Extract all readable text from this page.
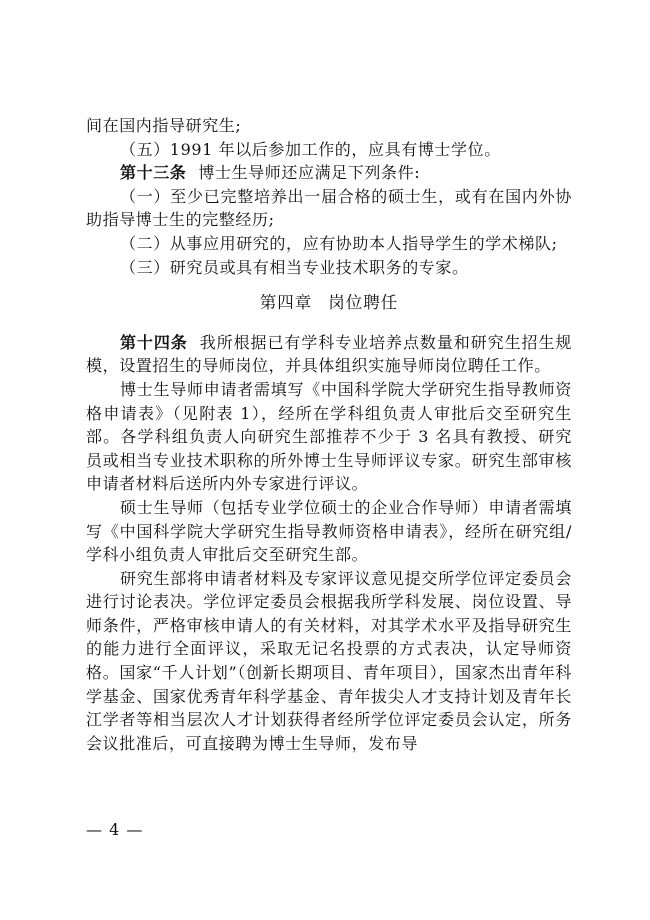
间在国内指导研究生;

（五）1991 年以后参加工作的，应具有博士学位。

第十三条 博士生导师还应满足下列条件:

（一）至少已完整培养出一届合格的硕士生，或有在国内外协助指导博士生的完整经历;

（二）从事应用研究的，应有协助本人指导学生的学术梯队;

（三）研究员或具有相当专业技术职务的专家。

第四章 岗位聘任

第十四条 我所根据已有学科专业培养点数量和研究生招生规模，设置招生的导师岗位，并具体组织实施导师岗位聘任工作。

博士生导师申请者需填写《中国科学院大学研究生指导教师资格申请表》（见附表 1），经所在学科组负责人审批后交至研究生部。各学科组负责人向研究生部推荐不少于 3 名具有教授、研究员或相当专业技术职称的所外博士生导师评议专家。研究生部审核申请者材料后送所内外专家进行评议。

硕士生导师（包括专业学位硕士的企业合作导师）申请者需填写《中国科学院大学研究生指导教师资格申请表》，经所在研究组/学科小组负责人审批后交至研究生部。

研究生部将申请者材料及专家评议意见提交所学位评定委员会进行讨论表决。学位评定委员会根据我所学科发展、岗位设置、导师条件，严格审核申请人的有关材料，对其学术水平及指导研究生的能力进行全面评议，采取无记名投票的方式表决，认定导师资格。国家“千人计划”（创新长期项目、青年项目），国家杰出青年科学基金、国家优秀青年科学基金、青年拔尖人才支持计划及青年长江学者等相当层次人才计划获得者经所学位评定委员会认定，所务会议批准后，可直接聘为博士生导师，发布导

— 4 —
